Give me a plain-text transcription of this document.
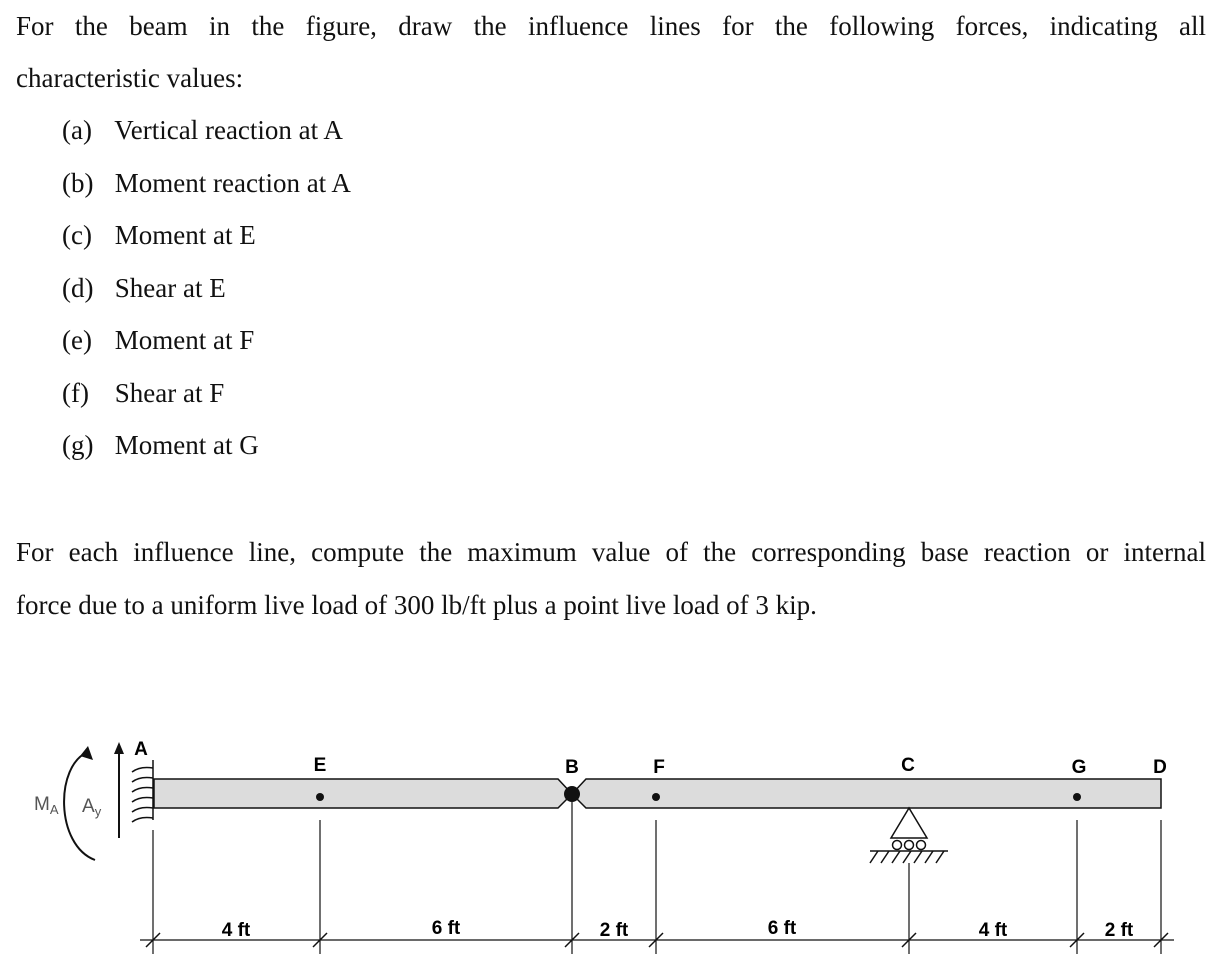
For the beam in the figure, draw the influence lines for the following forces, indicating all
characteristic values:

(a) Vertical reaction at A
(b) Moment reaction at A
(c) Moment at E
(d) Shear at E
(e) Moment at F
(f) Shear at F
(g) Moment at G
For each influence line, compute the maximum value of the corresponding base reaction or internal
force due to a uniform live load of 300 lb/ft plus a point live load of 3 kip.
$M_A$ $A_y$
A
E	B	F	C	G	D
4 ft	6 ft	2 ft	6 ft	4 ft	2 ft
